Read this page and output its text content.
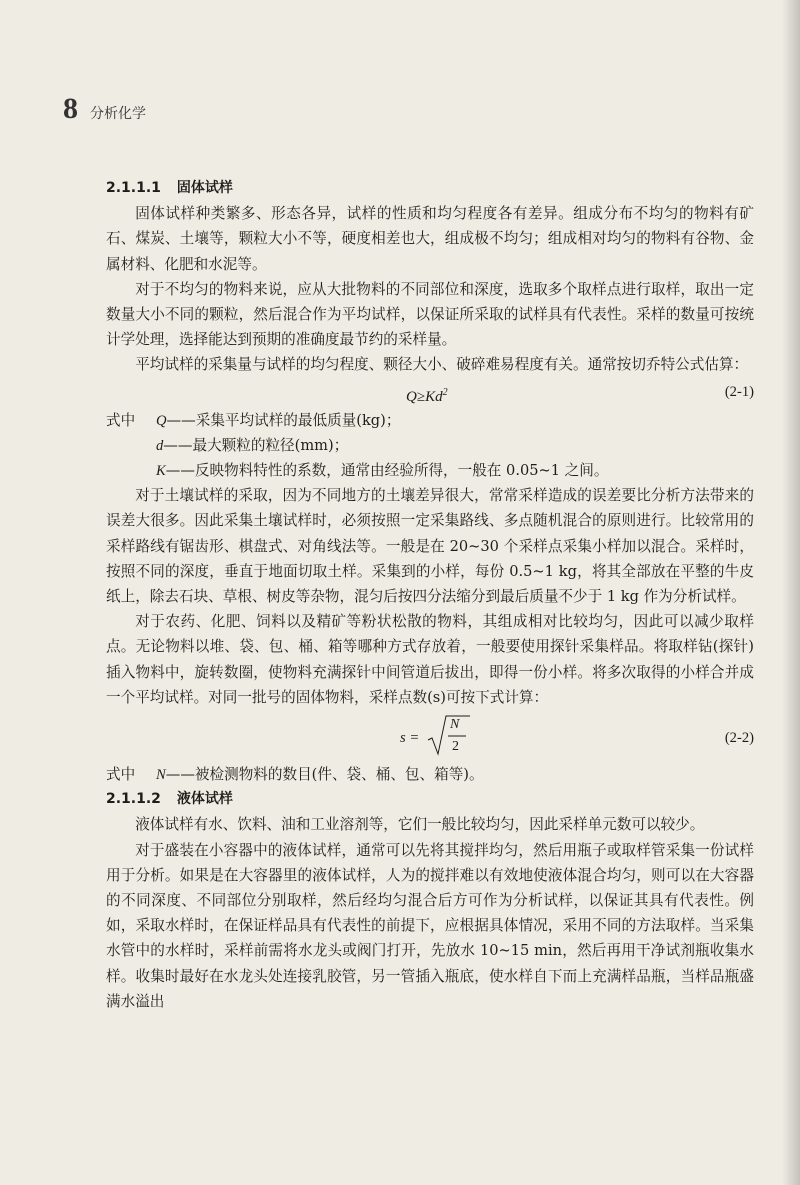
8 分析化学
2.1.1.1 固体试样

固体试样种类繁多、形态各异，试样的性质和均匀程度各有差异。组成分布不均匀的物料有矿石、煤炭、土壤等，颗粒大小不等，硬度相差也大，组成极不均匀；组成相对均匀的物料有谷物、金属材料、化肥和水泥等。

对于不均匀的物料来说，应从大批物料的不同部位和深度，选取多个取样点进行取样，取出一定数量大小不同的颗粒，然后混合作为平均试样，以保证所采取的试样具有代表性。采样的数量可按统计学处理，选择能达到预期的准确度最节约的采样量。

平均试样的采集量与试样的均匀程度、颗径大小、破碎难易程度有关。通常按切乔特公式估算：

$Q\ge Kd^2$	(2-1)
式中 Q——采集平均试样的最低质量(kg)；
d——最大颗粒的粒径(mm)；
K——反映物料特性的系数，通常由经验所得，一般在 0.05~1 之间。

对于土壤试样的采取，因为不同地方的土壤差异很大，常常采样造成的误差要比分析方法带来的误差大很多。因此采集土壤试样时，必须按照一定采集路线、多点随机混合的原则进行。比较常用的采样路线有锯齿形、棋盘式、对角线法等。一般是在 20~30 个采样点采集小样加以混合。采样时，按照不同的深度，垂直于地面切取土样。采集到的小样，每份 0.5~1 kg，将其全部放在平整的牛皮纸上，除去石块、草根、树皮等杂物，混匀后按四分法缩分到最后质量不少于 1 kg 作为分析试样。

对于农药、化肥、饲料以及精矿等粉状松散的物料，其组成相对比较均匀，因此可以减少取样点。无论物料以堆、袋、包、桶、箱等哪种方式存放着，一般要使用探针采集样品。将取样钻(探针)插入物料中，旋转数圈，使物料充满探针中间管道后拔出，即得一份小样。将多次取得的小样合并成一个平均试样。对同一批号的固体物料，采样点数(s)可按下式计算：

s =
N
2
(2-2)
式中 N——被检测物料的数目(件、袋、桶、包、箱等)。
2.1.1.2 液体试样

液体试样有水、饮料、油和工业溶剂等，它们一般比较均匀，因此采样单元数可以较少。

对于盛装在小容器中的液体试样，通常可以先将其搅拌均匀，然后用瓶子或取样管采集一份试样用于分析。如果是在大容器里的液体试样，人为的搅拌难以有效地使液体混合均匀，则可以在大容器的不同深度、不同部位分别取样，然后经均匀混合后方可作为分析试样，以保证其具有代表性。例如，采取水样时，在保证样品具有代表性的前提下，应根据具体情况，采用不同的方法取样。当采集水管中的水样时，采样前需将水龙头或阀门打开，先放水 10~15 min，然后再用干净试剂瓶收集水样。收集时最好在水龙头处连接乳胶管，另一管插入瓶底，使水样自下而上充满样品瓶，当样品瓶盛满水溢出
